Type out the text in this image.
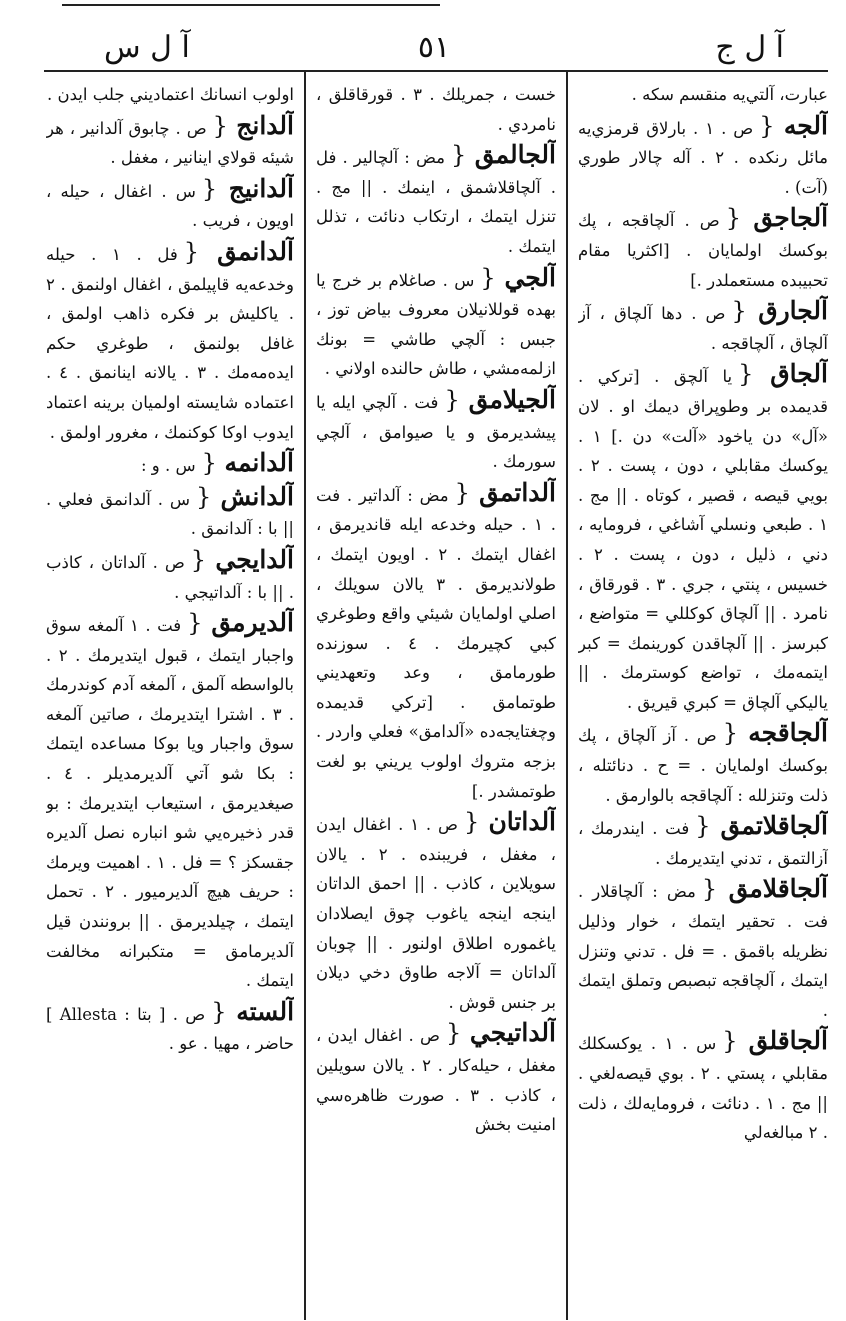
آ ل ج
٥١
آ ل س

عبارت، آلتي‌يه منقسم سكه .

آلجه {ص . ١ . بارلاق قرمزي‌يه مائل رنكده . ٢ . آله چالار طوري (آت) .

آلجاجق {ص . آلچاقجه ، پك بوكسك اولمايان . [اكثريا مقام تحبيبده مستعملدر .]

آلجارق {ص . دها آلچاق ، آز آلچاق ، آلچاقجه .

آلجاق {يا آلچق . [تركي . قديمده بر وطوپراق ديمك او . لان «آل» دن ياخود «آلت» دن .] ١ . يوكسك مقابلي ، دون ، پست . ٢ . بويي قيصه ، قصير ، كوتاه . || مج . ١ . طبعي ونسلي آشاغي ، فرومايه ، دني ، ذليل ، دون ، پست . ٢ . خسيس ، پنتي ، جري . ٣ . قورقاق ، نامرد . || آلچاق كوكللي = متواضع ، كبرسز . || آلچاقدن كورينمك = كبر ايتمه‌مك ، تواضع كوسترمك . || ياليكي آلچاق = كبري قيريق .

آلجاقجه {ص . آز آلچاق ، پك بوكسك اولمايان . = ح . دنائتله ، ذلت وتنزلله : آلچاقجه بالوارمق .

آلجاقلاتمق {فت . ايندرمك ، آزالتمق ، تدني ايتديرمك .

آلجاقلامق {مض : آلچاقلار . فت . تحقير ايتمك ، خوار وذليل نظريله باقمق . = فل . تدني وتنزل ايتمك ، آلچاقجه تبصبص وتملق ايتمك .

آلجاقلق {س . ١ . يوكسكلك مقابلي ، پستي . ٢ . بوي قيصه‌لغي . || مج . ١ . دنائت ، فرومايه‌لك ، ذلت . ٢ مبالغه‌لي

خست ، جمريلك . ٣ . قورقاقلق ، نامردي .

آلجالمق {مض : آلچالير . فل . آلچاقلاشمق ، اينمك . || مج . تنزل ايتمك ، ارتكاب دنائت ، تذلل ايتمك .

آلجي {س . صاغلام بر خرج يا بهده قوللانيلان معروف بياض توز ، جبس : آلچي طاشي = بونك ازلمه‌مشي ، طاش حالنده اولاني .

آلجيلامق {فت . آلچي ايله يا پيشديرمق و يا صيوامق ، آلچي سورمك .

آلداتمق {مض : آلداتير . فت . ١ . حيله وخدعه ايله قانديرمق ، اغفال ايتمك . ٢ . اويون ايتمك ، طولانديرمق . ٣ يالان سويلك ، اصلي اولمايان شيئي واقع وطوغري كبي كچيرمك . ٤ . سوزنده طورمامق ، وعد وتعهديني طوتمامق . [تركي قديمده وچغتايجه‌ده «آلدامق» فعلي واردر . بزجه متروك اولوب يريني بو لغت طوتمشدر .]

آلداتان {ص . ١ . اغفال ايدن ، مغفل ، فريبنده . ٢ . يالان سويلاين ، كاذب . || احمق الداتان اينجه اينجه ياغوب چوق ايصلادان ياغموره اطلاق اولنور . || چوبان آلداتان = آلاجه طاوق دخي ديلان بر جنس قوش .

آلداتيجي {ص . اغفال ايدن ، مغفل ، حيله‌كار . ٢ . يالان سويلين ، كاذب . ٣ . صورت ظاهره‌سي امنيت بخش

اولوب انسانك اعتماديني جلب ايدن .

آلدانج {ص . چابوق آلدانير ، هر شيئه قولاي اينانير ، مغفل .

آلدانيج {س . اغفال ، حيله ، اويون ، فريب .

آلدانمق {فل . ١ . حيله وخدعه‌يه قاپيلمق ، اغفال اولنمق . ٢ . ياكليش بر فكره ذاهب اولمق ، غافل بولنمق ، طوغري حكم ايده‌مه‌مك . ٣ . يالانه اينانمق . ٤ . اعتماده شايسته اولميان برينه اعتماد ايدوب اوكا كوكنمك ، مغرور اولمق .

آلدانمه {س . و :

آلدانش {س . آلدانمق فعلي . || با : آلدانمق .

آلدايجي {ص . آلداتان ، كاذب . || با : آلداتيجي .

آلديرمق {فت . ١ آلمغه سوق واجبار ايتمك ، قبول ايتديرمك . ٢ . بالواسطه آلمق ، آلمغه آدم كوندرمك . ٣ . اشترا ايتديرمك ، صاتين آلمغه سوق واجبار ويا بوكا مساعده ايتمك : بكا شو آتي آلديرمديلر . ٤ . صيغديرمق ، استيعاب ايتديرمك : بو قدر ذخيره‌يي شو انباره نصل آلديره جقسكز ؟ = فل . ١ . اهميت ويرمك : حريف هيچ آلديرميور . ٢ . تحمل ايتمك ، چيلديرمق . || برونندن قيل آلديرمامق = متكبرانه مخالفت ايتمك .

آلسته {ص . [ بتا : Allesta ] حاضر ، مهيا . عو .
